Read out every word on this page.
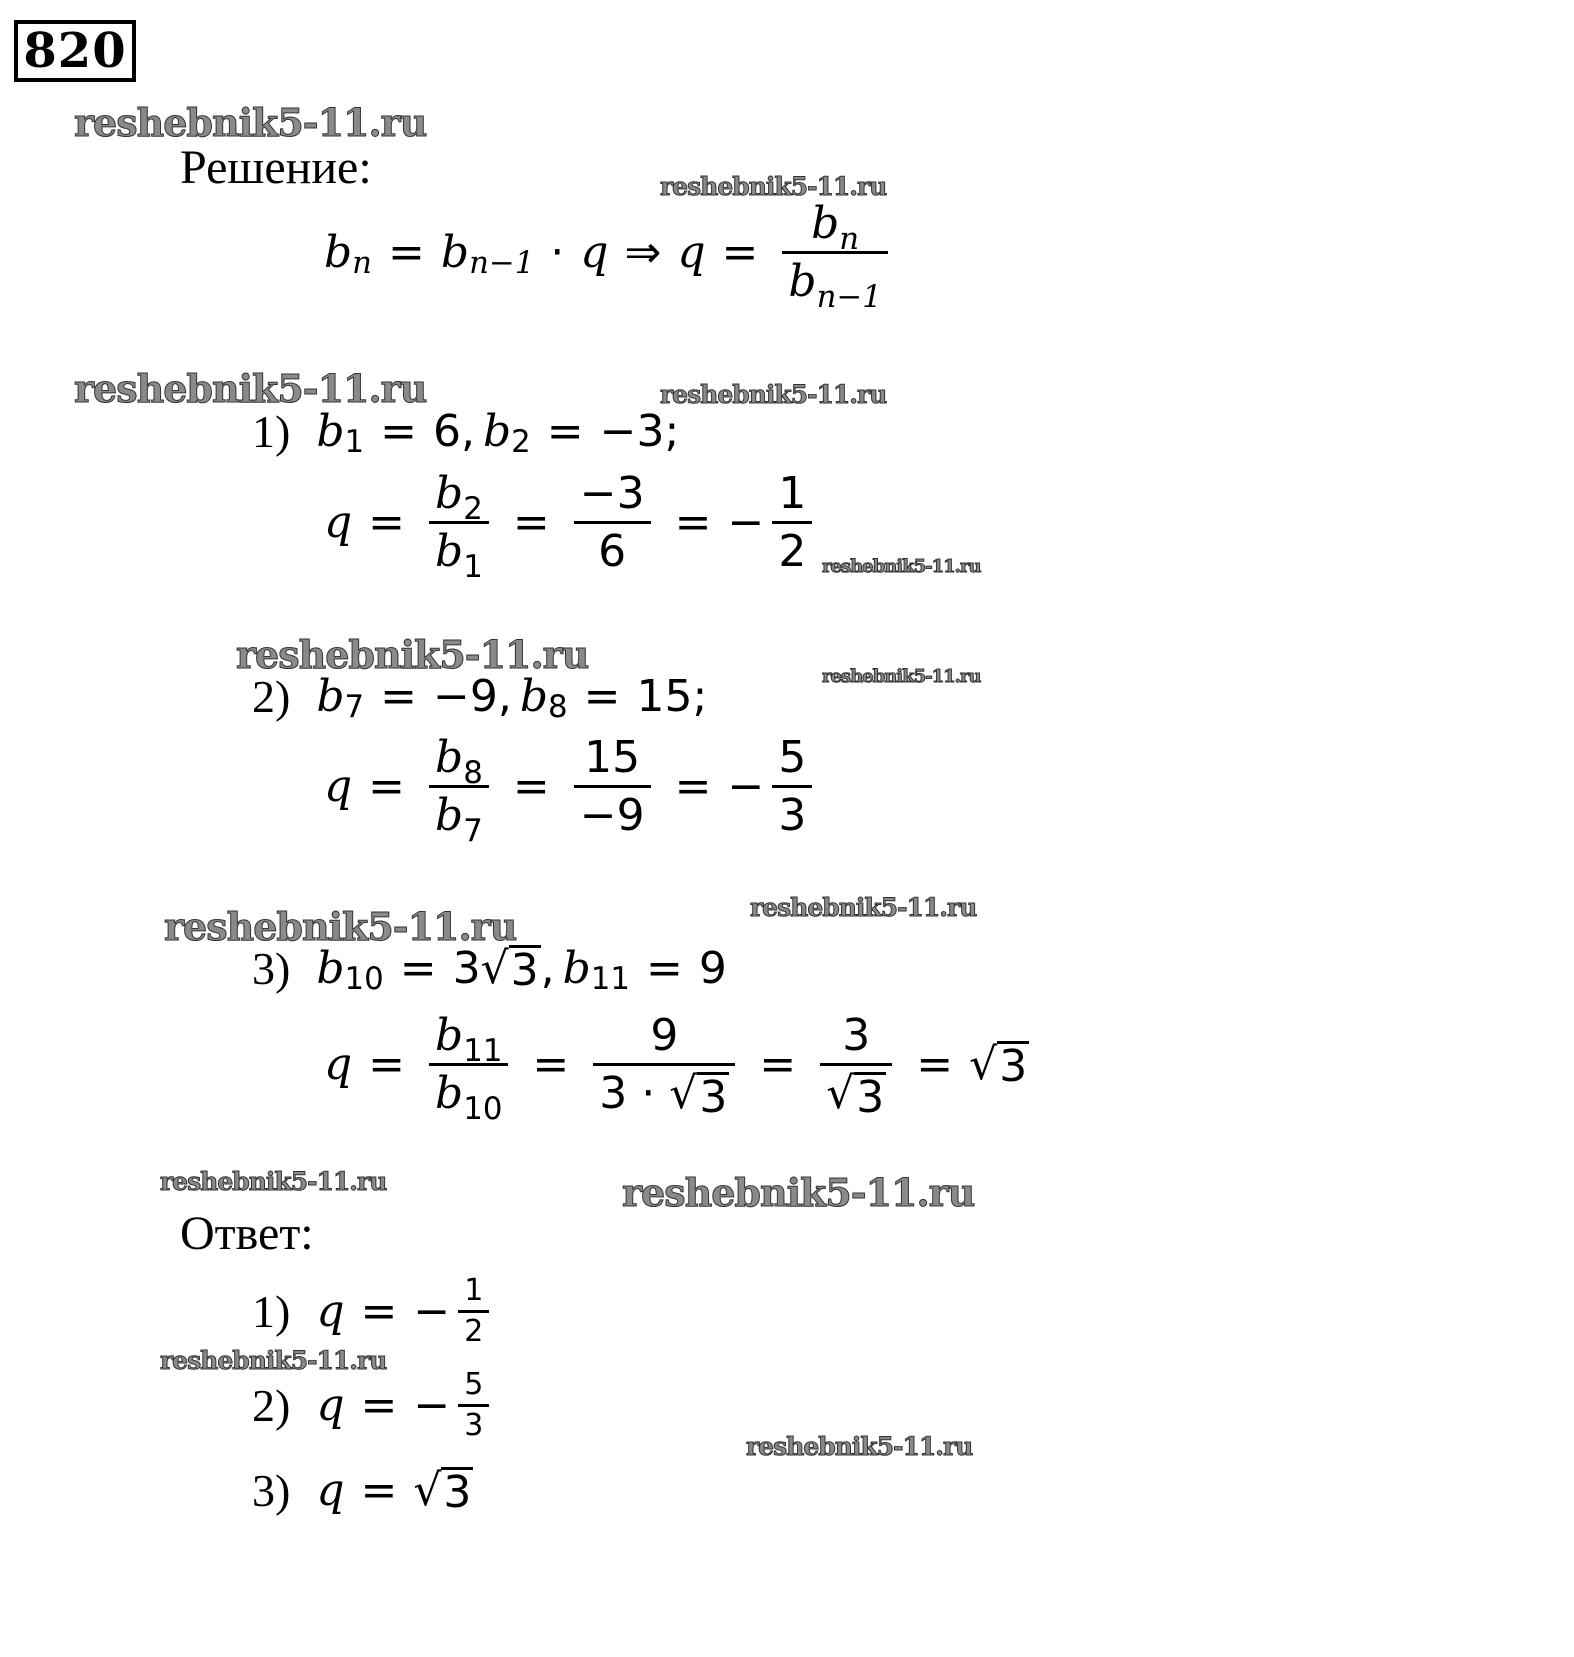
820
reshebnik5-11.ru
reshebnik5-11.ru
reshebnik5-11.ru	reshebnik5-11.ru
reshebnik5-11.ru
reshebnik5-11.ru	reshebnik5-11.ru
reshebnik5-11.ru
reshebnik5-11.ru
reshebnik5-11.ru	reshebnik5-11.ru
reshebnik5-11.ru
reshebnik5-11.ru
Решение:
Ответ:
b n = b n−1 · q ⇒ $q = \frac{b_n}{b_{n-1}}$
1) b 1 = 6 , b 2 = −3 ;
$q = \frac{b_2}{b_1} = \frac{-3}{6}$ = − $\frac{1}{2}$
2) b 7 = −9 , b 8 = 15 ;
$q = \frac{b_8}{b_7} = \frac{15}{-9}$ = − $\frac{5}{3}$
3) b 10 = 3 √ 3 , b 11 = 9
$q = \frac{b_{11}}{b_{10}} = \frac{9}{3 \cdot √ 3} = \frac{3}{√ 3}$ = √ 3
1) q = − $\frac{1}{2}$
2) q = − $\frac{5}{3}$
3) q = √ 3
